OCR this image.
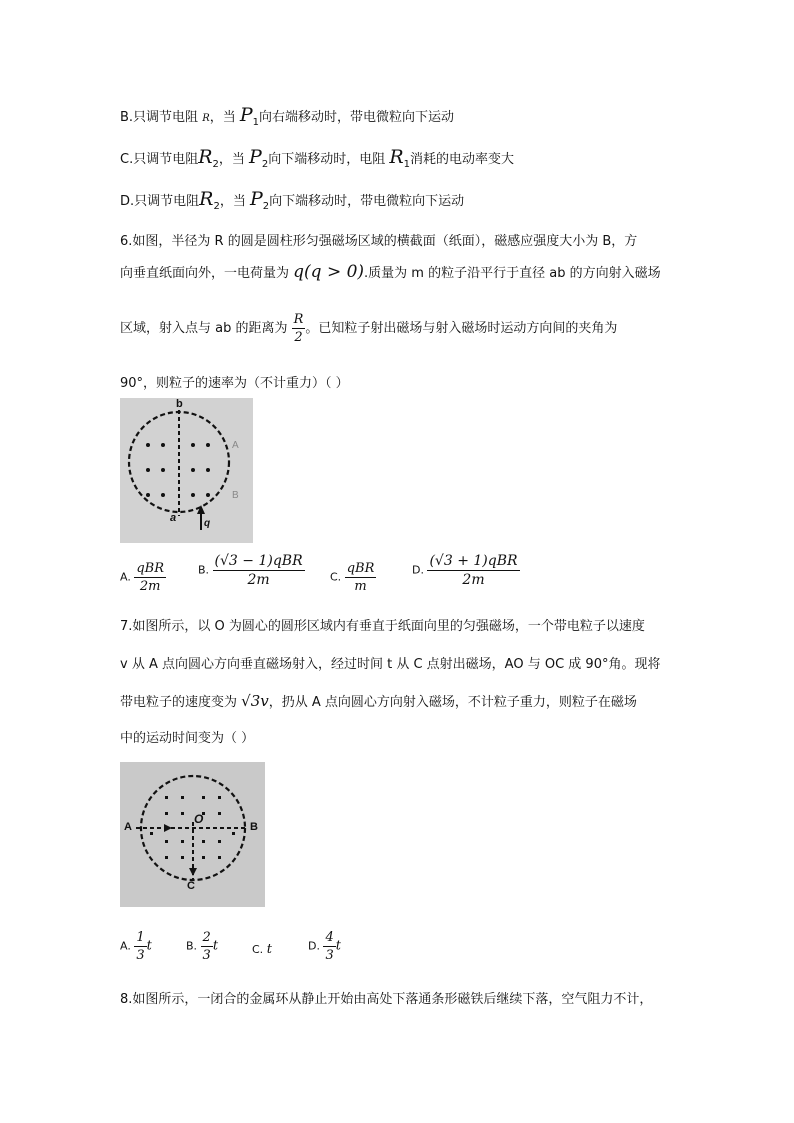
B.只调节电阻 R，当 $P_1$向右端移动时，带电微粒向下运动
C.只调节电阻$R_2$，当 $P_2$向下端移动时，电阻 $R_1$消耗的电动率变大
D.只调节电阻$R_2$，当 $P_2$向下端移动时，带电微粒向下运动
6.如图，半径为 R 的圆是圆柱形匀强磁场区域的横截面（纸面），磁感应强度大小为 B，方
向垂直纸面向外，一电荷量为 q(q > 0).质量为 m 的粒子沿平行于直径 ab 的方向射入磁场
区域，射入点与 ab 的距离为 $\frac{R}{2}$ 。已知粒子射出磁场与射入磁场时运动方向间的夹角为
90°，则粒子的速率为（不计重力）（ ）
A
B
b
a	q
A. $\frac{\text{qBR}}{2m}$	B. $\frac{\text{(√3 − 1)qBR}}{2m} C$. $\frac{\text{qBR}}{m}$	D. $\frac{\text{(√3 + 1)qBR}}{2m}$
7.如图所示，以 O 为圆心的圆形区域内有垂直于纸面向里的匀强磁场，一个带电粒子以速度
v 从 A 点向圆心方向垂直磁场射入，经过时间 t 从 C 点射出磁场，AO 与 OC 成 90°角。现将
带电粒子的速度变为 √3v，扔从 A 点向圆心方向射入磁场，不计粒子重力，则粒子在磁场
中的运动时间变为（ ）
A
O
B
C
A. $\frac{1}{3}$ t	B. $\frac{2}{3}$ t	C. t	D. $\frac{4}{3}$ t
8.如图所示，一闭合的金属环从静止开始由高处下落通条形磁铁后继续下落，空气阻力不计，
